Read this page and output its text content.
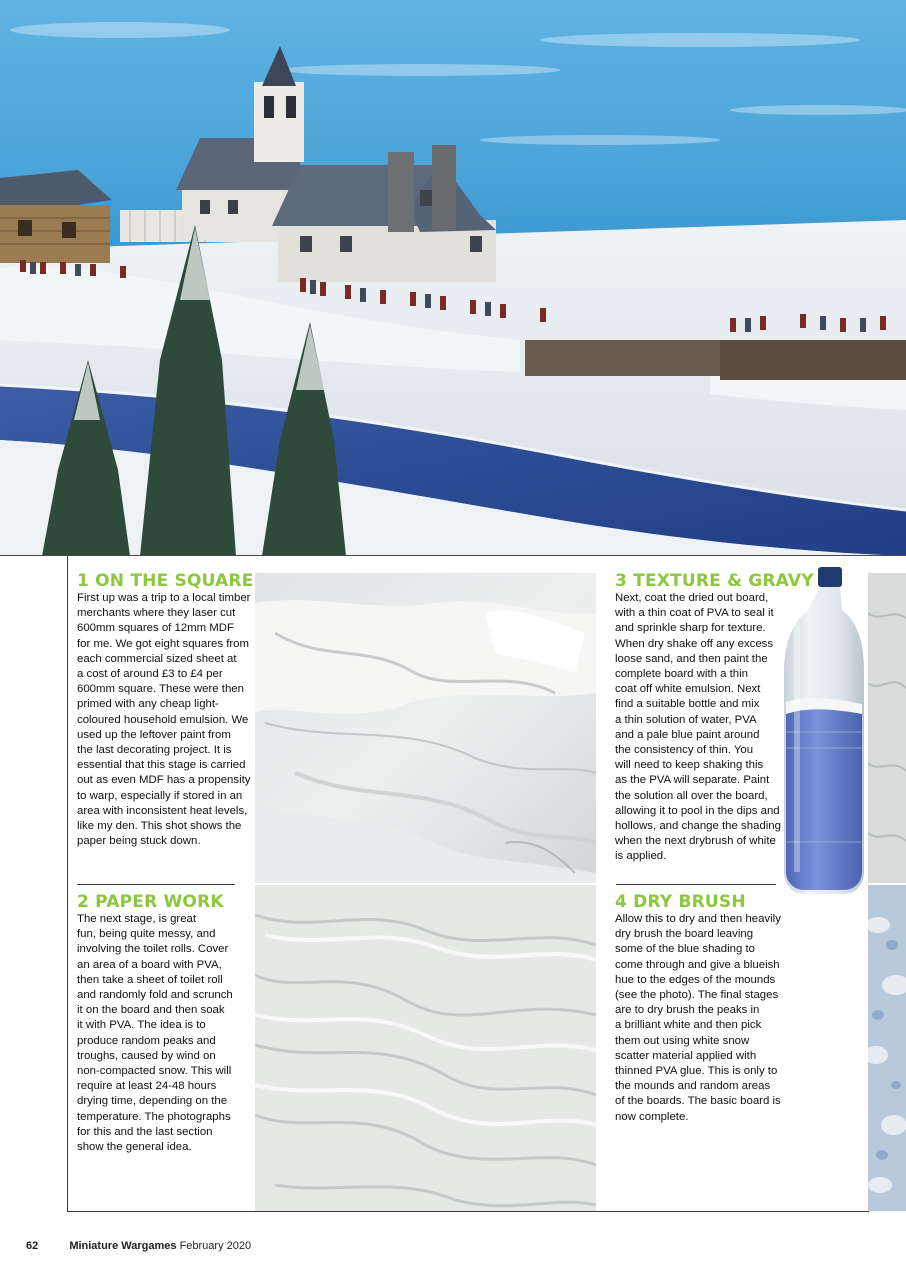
1 ON THE SQUARE
First up was a trip to a local timber
merchants where they laser cut
600mm squares of 12mm MDF
for me. We got eight squares from
each commercial sized sheet at
a cost of around £3 to £4 per
600mm square. These were then
primed with any cheap light-
coloured household emulsion. We
used up the leftover paint from
the last decorating project. It is
essential that this stage is carried
out as even MDF has a propensity
to warp, especially if stored in an
area with inconsistent heat levels,
like my den. This shot shows the
paper being stuck down.
2 PAPER WORK
The next stage, is great
fun, being quite messy, and
involving the toilet rolls. Cover
an area of a board with PVA,
then take a sheet of toilet roll
and randomly fold and scrunch
it on the board and then soak
it with PVA. The idea is to
produce random peaks and
troughs, caused by wind on
non-compacted snow. This will
require at least 24-48 hours
drying time, depending on the
temperature. The photographs
for this and the last section
show the general idea.
3 TEXTURE & GRAVY
Next, coat the dried out board,
with a thin coat of PVA to seal it
and sprinkle sharp for texture.
When dry shake off any excess
loose sand, and then paint the
complete board with a thin
coat off white emulsion. Next
find a suitable bottle and mix
a thin solution of water, PVA
and a pale blue paint around
the consistency of thin. You
will need to keep shaking this
as the PVA will separate. Paint
the solution all over the board,
allowing it to pool in the dips and
hollows, and change the shading
when the next drybrush of white
is applied.
4 DRY BRUSH
Allow this to dry and then heavily
dry brush the board leaving
some of the blue shading to
come through and give a blueish
hue to the edges of the mounds
(see the photo). The final stages
are to dry brush the peaks in
a brilliant white and then pick
them out using white snow
scatter material applied with
thinned PVA glue. This is only to
the mounds and random areas
of the boards. The basic board is
now complete.
62	Miniature Wargames February 2020
